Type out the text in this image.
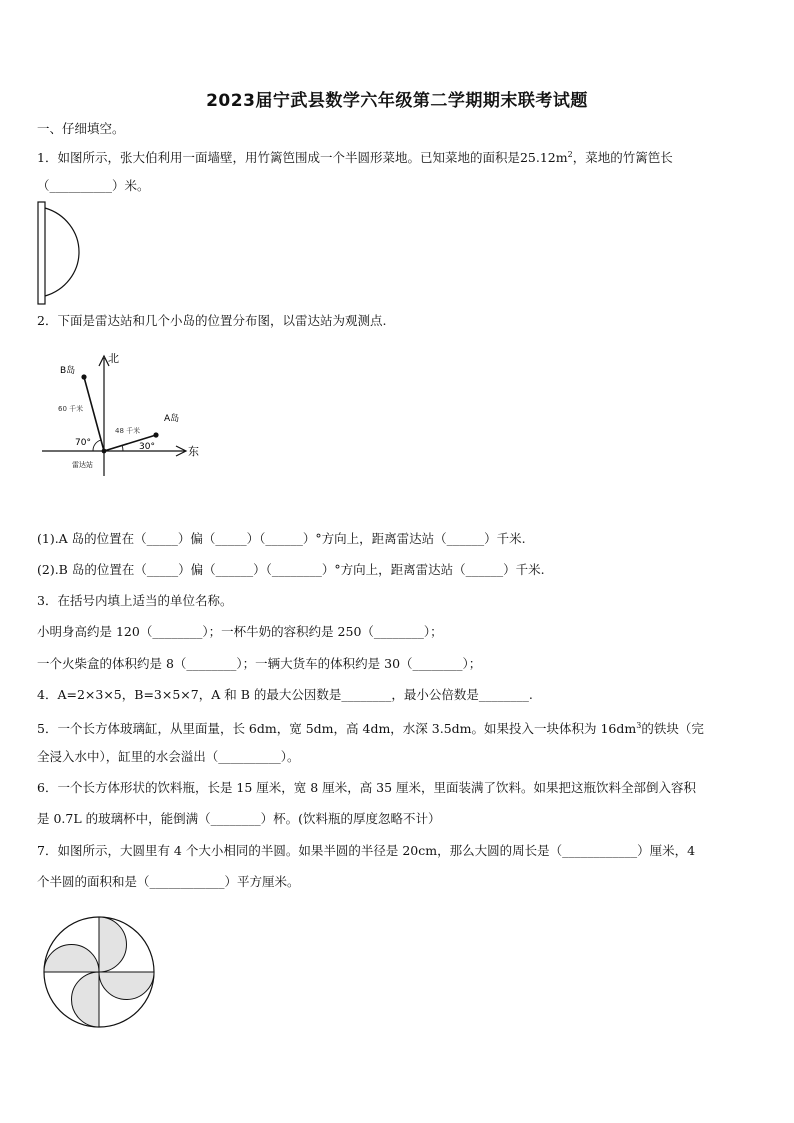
2023届宁武县数学六年级第二学期期末联考试题
一、仔细填空。
1．如图所示，张大伯利用一面墙壁，用竹篱笆围成一个半圆形菜地。已知菜地的面积是$25.12m^2$，菜地的竹篱笆长
（__________）米。
2．下面是雷达站和几个小岛的位置分布图，以雷达站为观测点.
北
东
B岛
A岛
60 千米
48 千米
70°	30°
雷达站
(1).A 岛的位置在（_____）偏（_____）（______）°方向上，距离雷达站（______）千米.
(2).B 岛的位置在（_____）偏（______）（________）°方向上，距离雷达站（______）千米.
3．在括号内填上适当的单位名称。
小明身高约是 120（________）；一杯牛奶的容积约是 250（________）；
一个火柴盒的体积约是 8（________）；一辆大货车的体积约是 30（________）；
4．A=2×3×5，B=3×5×7，A 和 B 的最大公因数是________，最小公倍数是________.
5．一个长方体玻璃缸，从里面量，长 6dm，宽 5dm，高 4dm，水深 3.5dm。如果投入一块体积为 $16dm^3$的铁块（完
全浸入水中），缸里的水会溢出（__________）。
6．一个长方体形状的饮料瓶，长是 15 厘米，宽 8 厘米，高 35 厘米，里面装满了饮料。如果把这瓶饮料全部倒入容积
是 0.7L 的玻璃杯中，能倒满（________）杯。(饮料瓶的厚度忽略不计）
7．如图所示，大圆里有 4 个大小相同的半圆。如果半圆的半径是 20cm，那么大圆的周长是（____________）厘米，4
个半圆的面积和是（____________）平方厘米。
